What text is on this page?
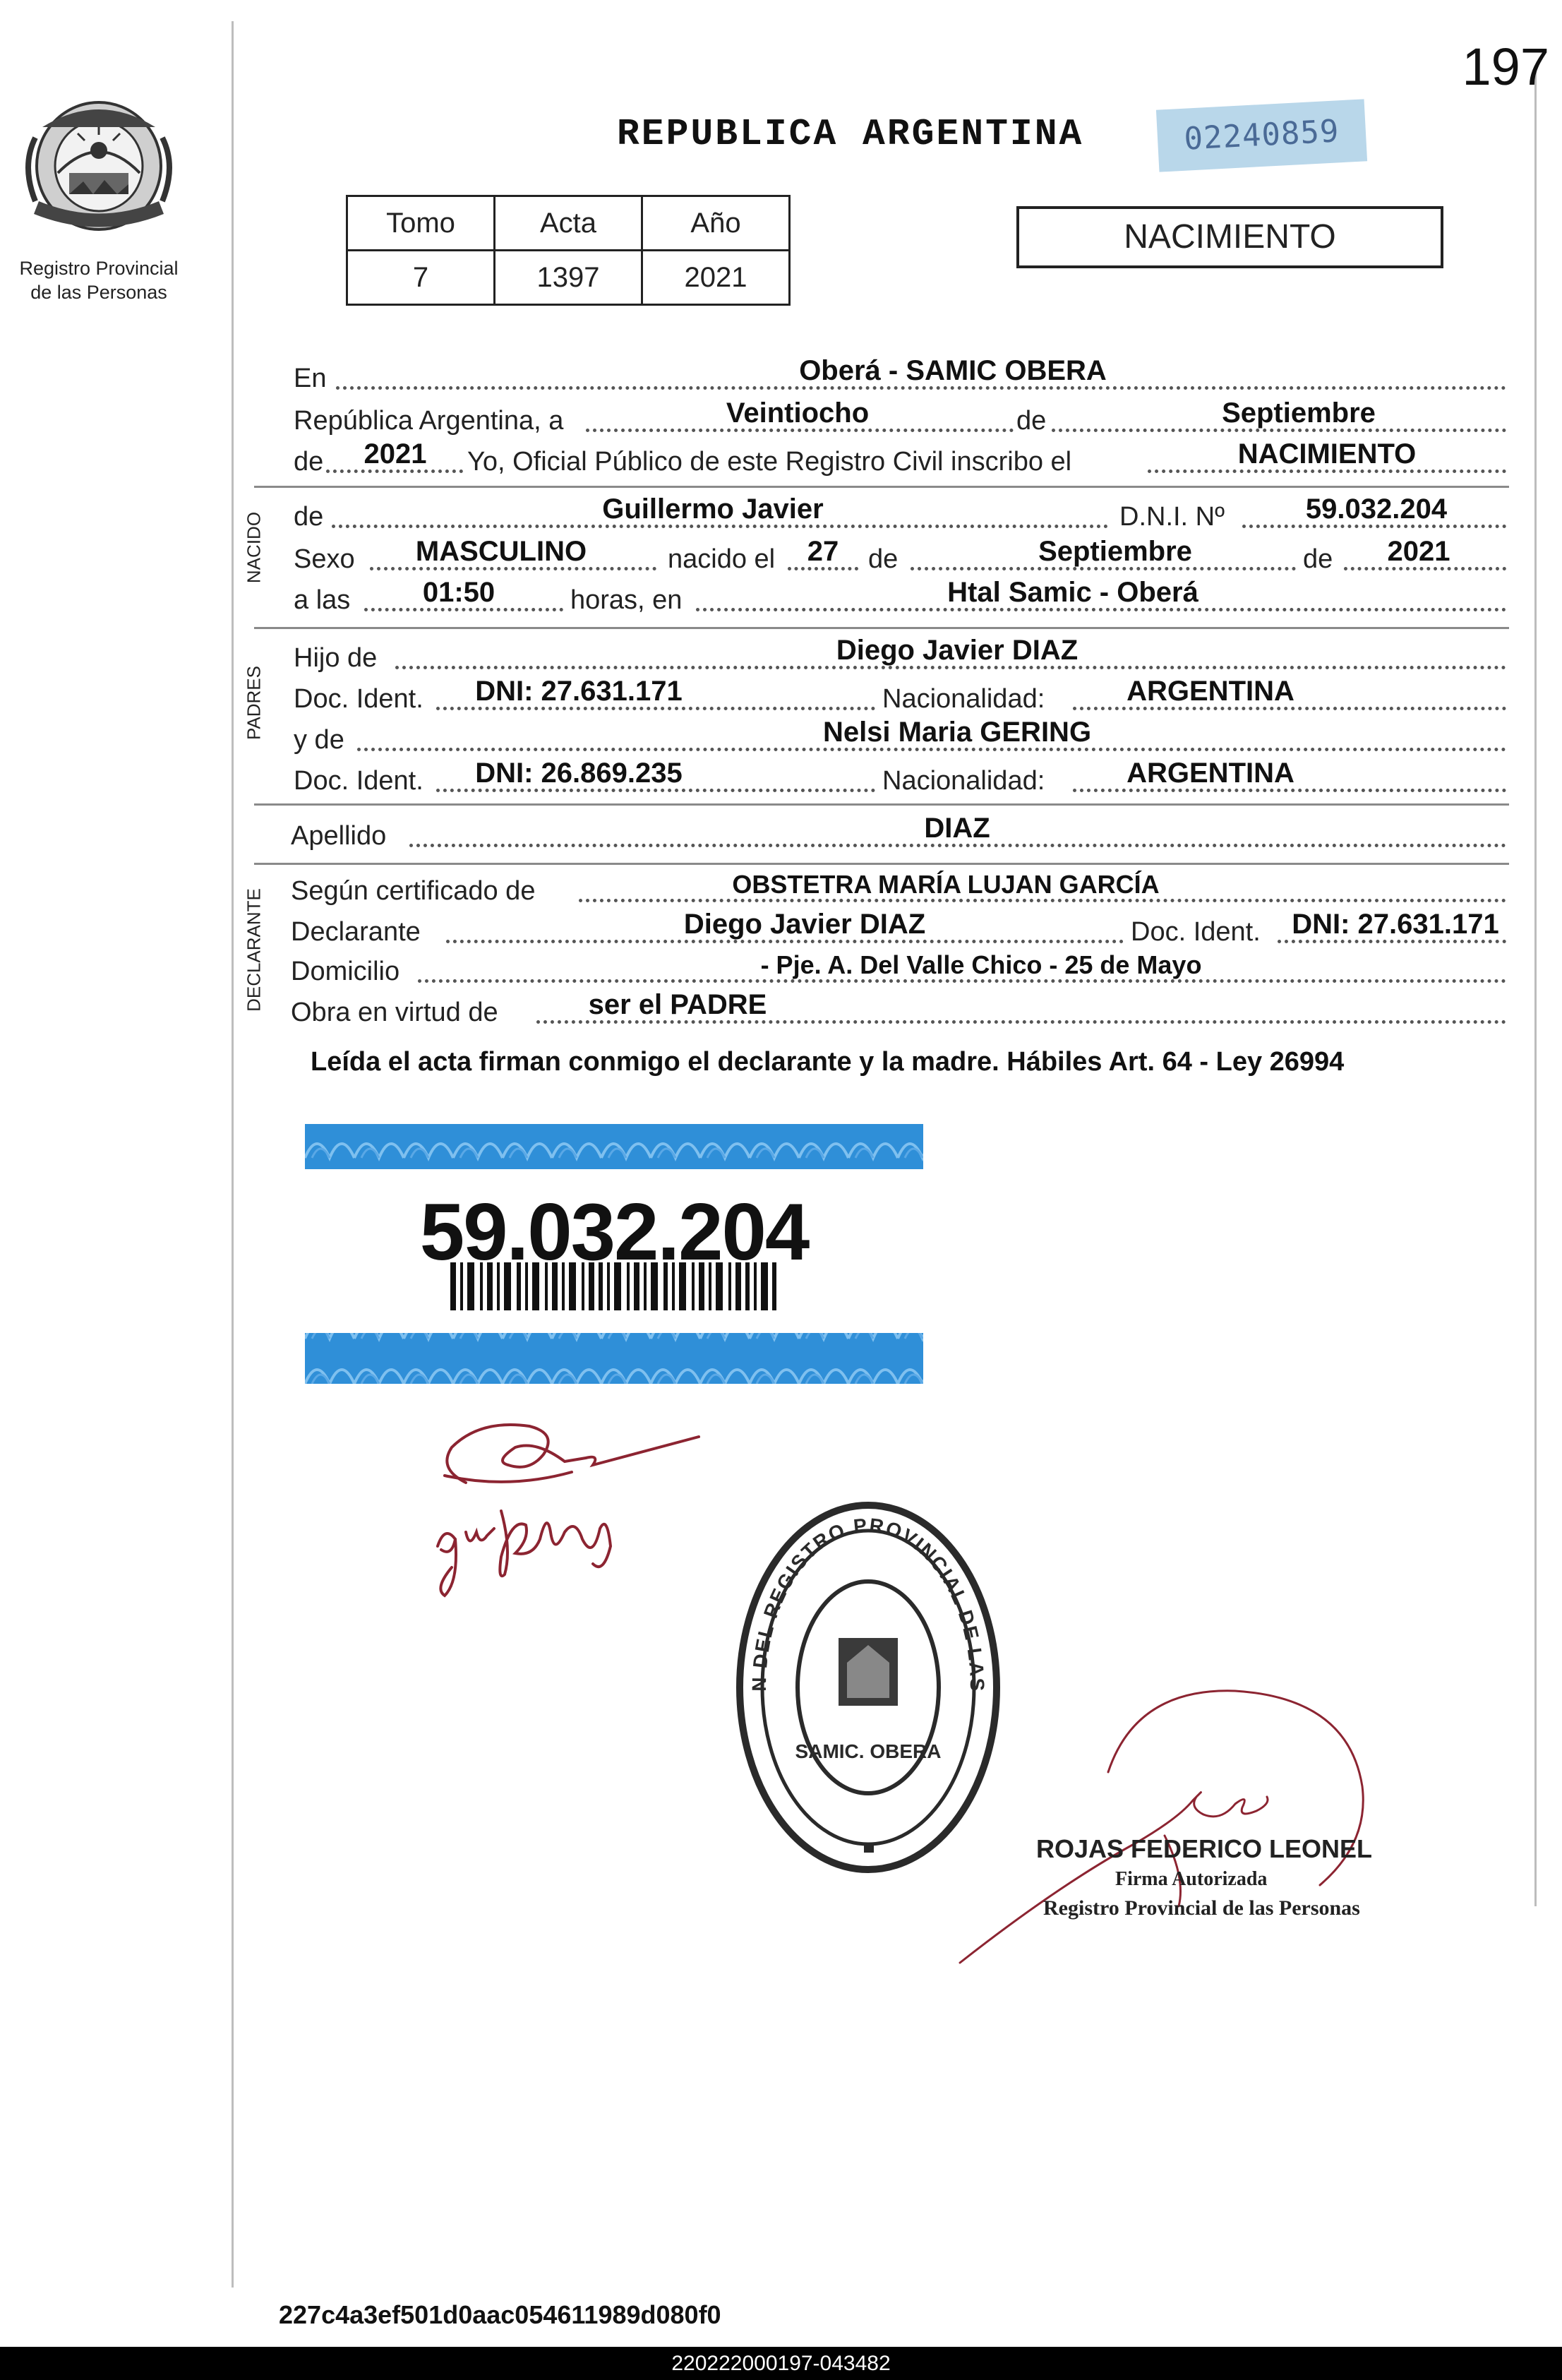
197
Registro Provincial
de las Personas
REPUBLICA ARGENTINA	02240859
Tomo	Acta	Año
7	1397	2021
NACIMIENTO
En	Oberá - SAMIC OBERA
República Argentina, a	Veintiocho	de	Septiembre
de	2021	Yo, Oficial Público de este Registro Civil inscribo el	NACIMIENTO
NACIDO de	Guillermo Javier	D.N.I. Nº	59.032.204
Sexo	MASCULINO	nacido el	27	de	Septiembre	de	2021
a las	01:50	horas, en	Htal Samic - Oberá
PADRES
Hijo de	Diego Javier DIAZ
Doc. Ident.	DNI: 27.631.171	Nacionalidad:	ARGENTINA
y de	Nelsi Maria GERING
Doc. Ident.	DNI: 26.869.235	Nacionalidad:	ARGENTINA
Apellido	DIAZ
DECLARANTE Según certificado de	OBSTETRA MARÍA LUJAN GARCÍA
Declarante	Diego Javier DIAZ	Doc. Ident.	DNI: 27.631.171
Domicilio	- Pje. A. Del Valle Chico - 25 de Mayo
Obra en virtud de	ser el PADRE
Leída el acta firman conmigo el declarante y la madre. Hábiles Art. 64 - Ley 26994
59.032.204
N DEL REGISTRO PROVINCIAL DE LAS
SAMIC. OBERA
ROJAS FEDERICO LEONEL
Firma Autorizada
Registro Provincial de las Personas
227c4a3ef501d0aac054611989d080f0
220222000197-043482
